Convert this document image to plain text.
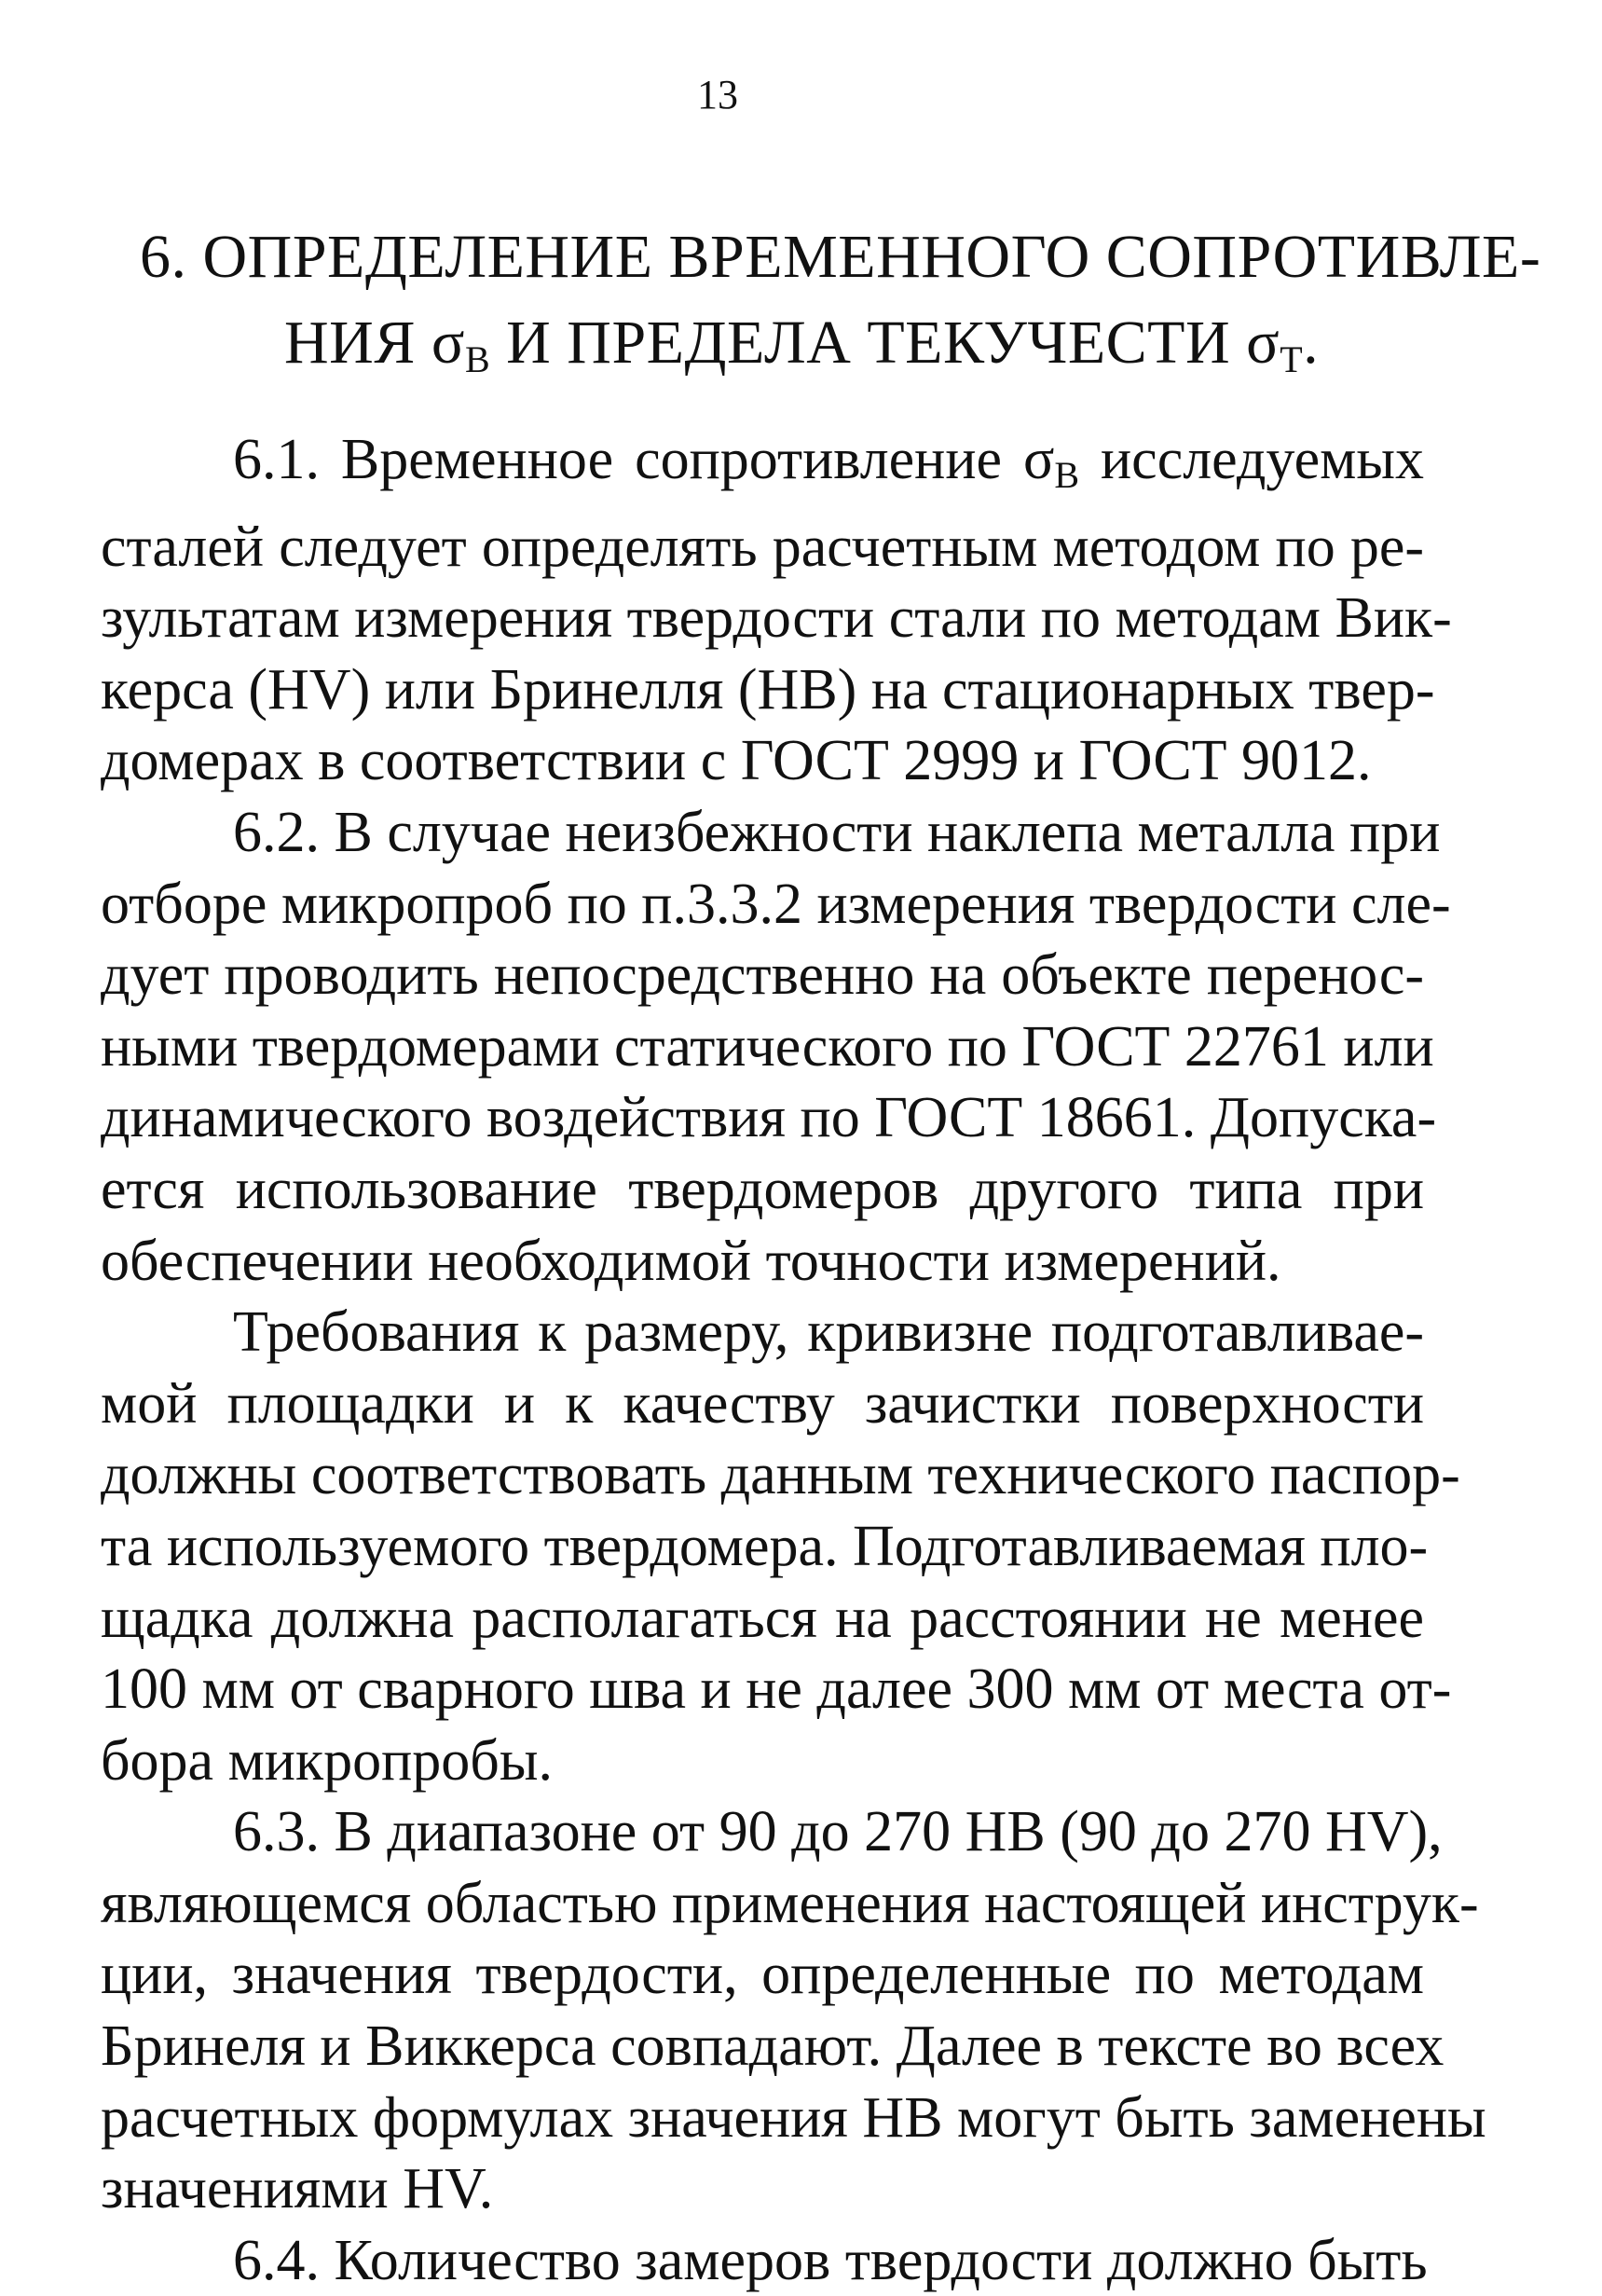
13
6. ОПРЕДЕЛЕНИЕ ВРЕМЕННОГО СОПРОТИВЛЕ-
НИЯ $\sigma_В$ И ПРЕДЕЛА ТЕКУЧЕСТИ $\sigma_Т$.
6.1. Временное сопротивление $\sigma_В$ исследуемых
сталей следует определять расчетным методом по ре-
зультатам измерения твердости стали по методам Вик-
керса (HV) или Бринелля (НВ) на стационарных твер-
домерах в соответствии с ГОСТ 2999 и ГОСТ 9012.
6.2. В случае неизбежности наклепа металла при
отборе микропроб по п.3.3.2 измерения твердости сле-
дует проводить непосредственно на объекте перенос-
ными твердомерами статического по ГОСТ 22761 или
динамического воздействия по ГОСТ 18661. Допуска-
ется использование твердомеров другого типа при
обеспечении необходимой точности измерений.
Требования к размеру, кривизне подготавливае-
мой площадки и к качеству зачистки поверхности
должны соответствовать данным технического паспор-
та используемого твердомера. Подготавливаемая пло-
щадка должна располагаться на расстоянии не менее
100 мм от сварного шва и не далее 300 мм от места от-
бора микропробы.
6.3. В диапазоне от 90 до 270 НВ (90 до 270 HV),
являющемся областью применения настоящей инструк-
ции, значения твердости, определенные по методам
Бринеля и Виккерса совпадают. Далее в тексте во всех
расчетных формулах значения НВ могут быть заменены
значениями HV.
6.4. Количество замеров твердости должно быть
